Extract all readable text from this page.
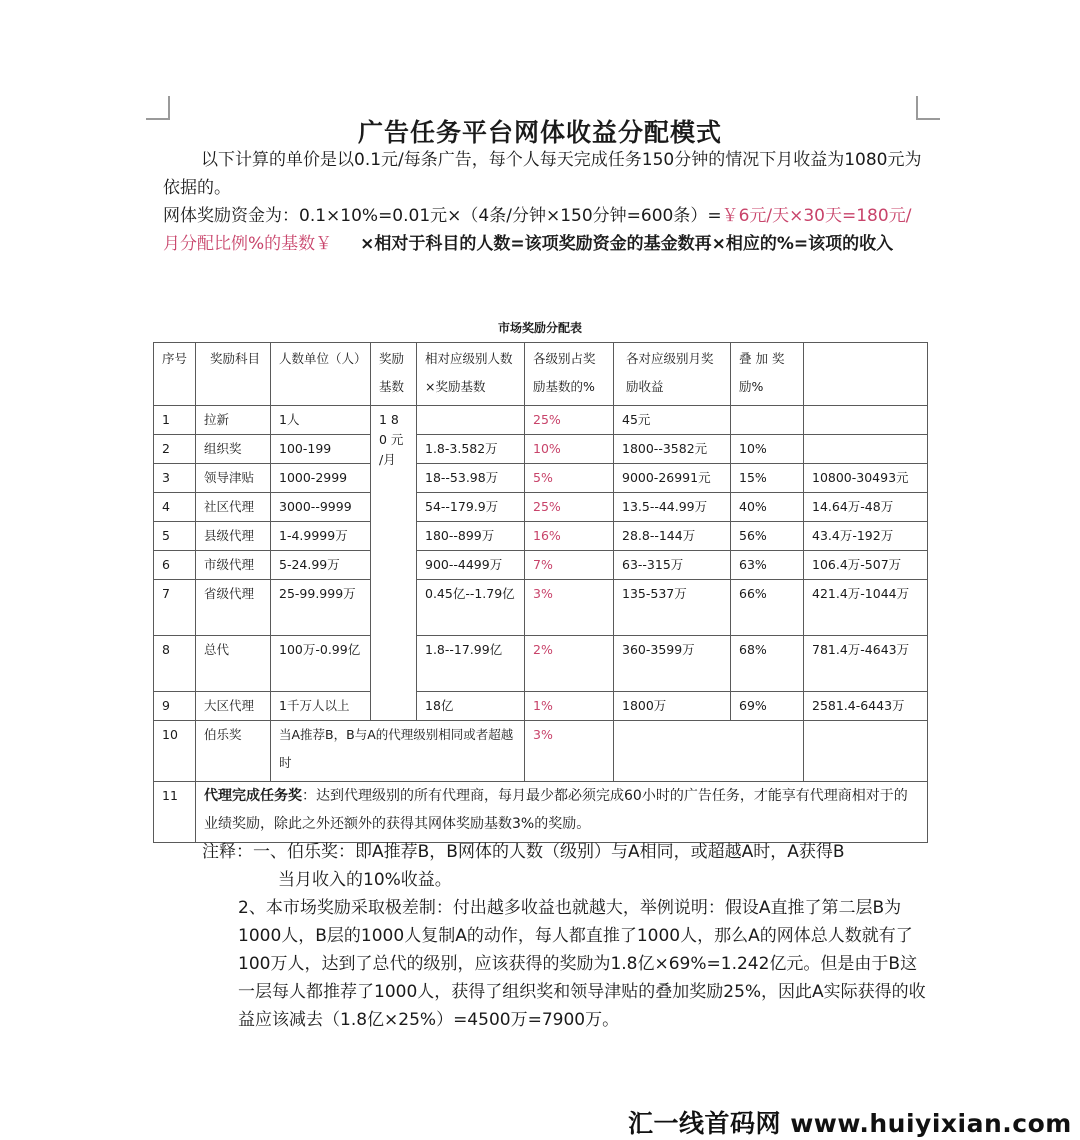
广告任务平台网体收益分配模式
以下计算的单价是以0.1元/每条广告，每个人每天完成任务150分钟的情况下月收益为1080元为依据的。
网体奖励资金为：0.1×10%=0.01元×（4条/分钟×150分钟=600条）=￥6元/天×30天=180元/月分配比例%的基数￥ ×相对于科目的人数=该项奖励资金的基金数再×相应的%=该项的收入
市场奖励分配表
序号	奖励科目	人数单位（人）	奖励基数	相对应级别人数×奖励基数	各级别占奖励基数的%	各对应级别月奖励收益	叠 加 奖励%	
1	拉新	1人	1 8 0 元 /月		25%	45元		
2	组织奖	100-199		1.8-3.582万	10%	1800--3582元	10%	
3	领导津贴	1000-2999		18--53.98万	5%	9000-26991元	15%	10800-30493元
4	社区代理	3000--9999		54--179.9万	25%	13.5--44.99万	40%	14.64万-48万
5	县级代理	1-4.9999万		180--899万	16%	28.8--144万	56%	43.4万-192万
6	市级代理	5-24.99万		900--4499万	7%	63--315万	63%	106.4万-507万
7	省级代理	25-99.999万		0.45亿--1.79亿	3%	135-537万	66%	421.4万-1044万
8	总代	100万-0.99亿		1.8--17.99亿	2%	360-3599万	68%	781.4万-4643万
9	大区代理	1千万人以上		18亿	1%	1800万	69%	2581.4-6443万
10	伯乐奖	当A推荐B，B与A的代理级别相同或者超越时			3%			
11	代理完成任务奖：达到代理级别的所有代理商，每月最少都必须完成60小时的广告任务，才能享有代理商相对于的业绩奖励，除此之外还额外的获得其网体奖励基数3%的奖励。							
注释：一、伯乐奖：即A推荐B，B网体的人数（级别）与A相同，或超越A时，A获得B
当月收入的10%收益。
2、本市场奖励采取极差制：付出越多收益也就越大，举例说明：假设A直推了第二层B为1000人，B层的1000人复制A的动作，每人都直推了1000人，那么A的网体总人数就有了100万人，达到了总代的级别，应该获得的奖励为1.8亿×69%=1.242亿元。但是由于B这一层每人都推荐了1000人，获得了组织奖和领导津贴的叠加奖励25%，因此A实际获得的收益应该减去（1.8亿×25%）=4500万=7900万。
汇一线首码网 www.huiyixian.com
